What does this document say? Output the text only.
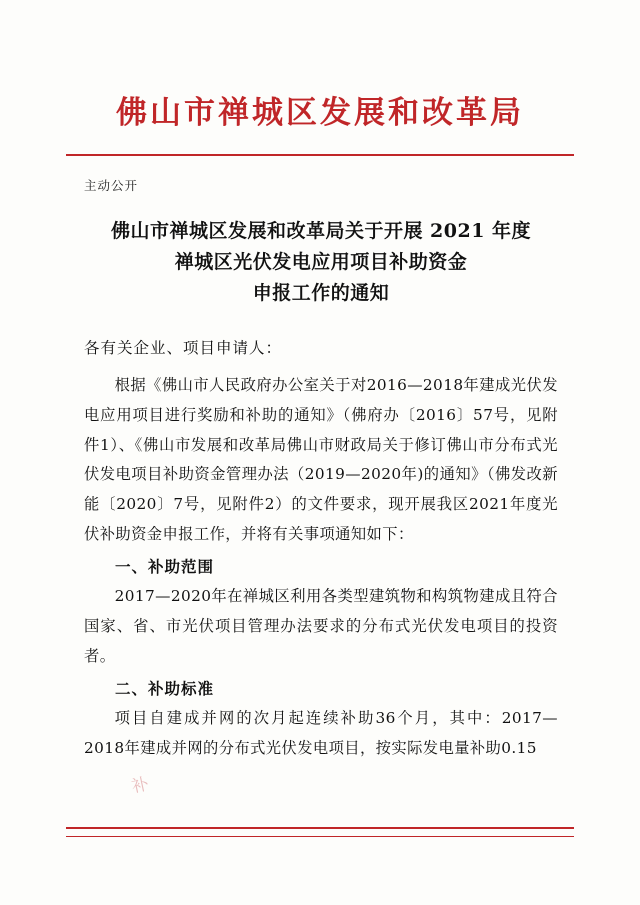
佛山市禅城区发展和改革局
主动公开
佛山市禅城区发展和改革局关于开展 2021 年度
禅城区光伏发电应用项目补助资金
申报工作的通知

各有关企业、项目申请人：

根据《佛山市人民政府办公室关于对2016—2018年建成光伏发电应用项目进行奖励和补助的通知》（佛府办〔2016〕57号，见附件1）、《佛山市发展和改革局佛山市财政局关于修订佛山市分布式光伏发电项目补助资金管理办法（2019—2020年)的通知》（佛发改新能〔2020〕7号，见附件2）的文件要求，现开展我区2021年度光伏补助资金申报工作，并将有关事项通知如下：

一、补助范围

2017—2020年在禅城区利用各类型建筑物和构筑物建成且符合国家、省、市光伏项目管理办法要求的分布式光伏发电项目的投资者。

二、补助标准

项目自建成并网的次月起连续补助36个月，其中：2017—2018年建成并网的分布式光伏发电项目，按实际发电量补助0.15

补
